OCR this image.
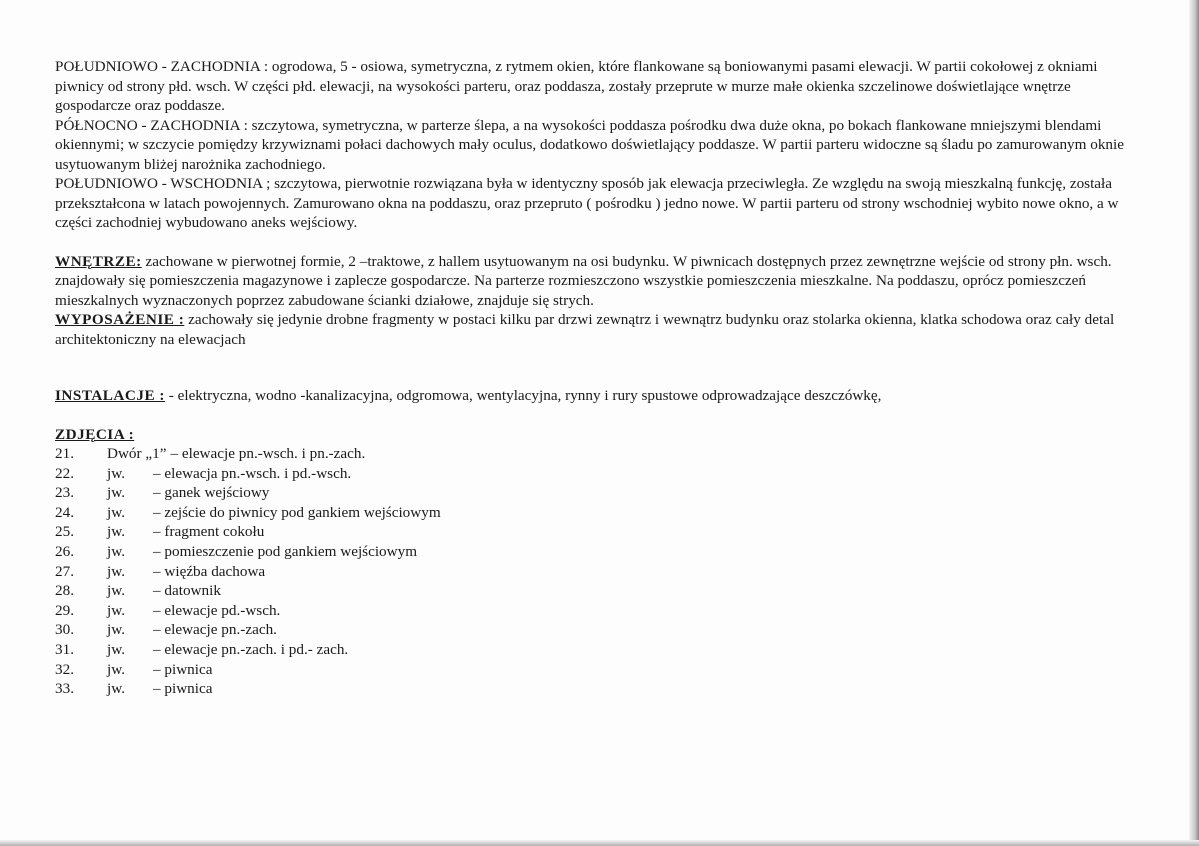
POŁUDNIOWO - ZACHODNIA : ogrodowa, 5 - osiowa, symetryczna, z rytmem okien, które flankowane są boniowanymi pasami elewacji. W partii cokołowej z okniami piwnicy od strony płd. wsch. W części płd. elewacji, na wysokości parteru, oraz poddasza, zostały przeprute w murze małe okienka szczelinowe doświetlające wnętrze gospodarcze oraz poddasze.

PÓŁNOCNO - ZACHODNIA : szczytowa, symetryczna, w parterze ślepa, a na wysokości poddasza pośrodku dwa duże okna, po bokach flankowane mniejszymi blendami okiennymi; w szczycie pomiędzy krzywiznami połaci dachowych mały oculus, dodatkowo doświetlający poddasze. W partii parteru widoczne są śladu po zamurowanym oknie usytuowanym bliżej narożnika zachodniego.

POŁUDNIOWO - WSCHODNIA ; szczytowa, pierwotnie rozwiązana była w identyczny sposób jak elewacja przeciwległa. Ze względu na swoją mieszkalną funkcję, została przekształcona w latach powojennych. Zamurowano okna na poddaszu, oraz przepruto ( pośrodku ) jedno nowe. W partii parteru od strony wschodniej wybito nowe okno, a w części zachodniej wybudowano aneks wejściowy.

WNĘTRZE: zachowane w pierwotnej formie, 2 –traktowe, z hallem usytuowanym na osi budynku. W piwnicach dostępnych przez zewnętrzne wejście od strony płn. wsch. znajdowały się pomieszczenia magazynowe i zaplecze gospodarcze. Na parterze rozmieszczono wszystkie pomieszczenia mieszkalne. Na poddaszu, oprócz pomieszczeń mieszkalnych wyznaczonych poprzez zabudowane ścianki działowe, znajduje się strych.

WYPOSAŻENIE : zachowały się jedynie drobne fragmenty w postaci kilku par drzwi zewnątrz i wewnątrz budynku oraz stolarka okienna, klatka schodowa oraz cały detal architektoniczny na elewacjach

INSTALACJE : - elektryczna, wodno -kanalizacyjna, odgromowa, wentylacyjna, rynny i rury spustowe odprowadzające deszczówkę,

ZDJĘCIA :

21.	Dwór „1” – elewacje pn.-wsch. i pn.-zach.
22.	jw.	– elewacja pn.-wsch. i pd.-wsch.
23.	jw.	– ganek wejściowy
24.	jw.	– zejście do piwnicy pod gankiem wejściowym
25.	jw.	– fragment cokołu
26.	jw.	– pomieszczenie pod gankiem wejściowym
27.	jw.	– więźba dachowa
28.	jw.	– datownik
29.	jw.	– elewacje pd.-wsch.
30.	jw.	– elewacje pn.-zach.
31.	jw.	– elewacje pn.-zach. i pd.- zach.
32.	jw.	– piwnica
33.	jw.	– piwnica
